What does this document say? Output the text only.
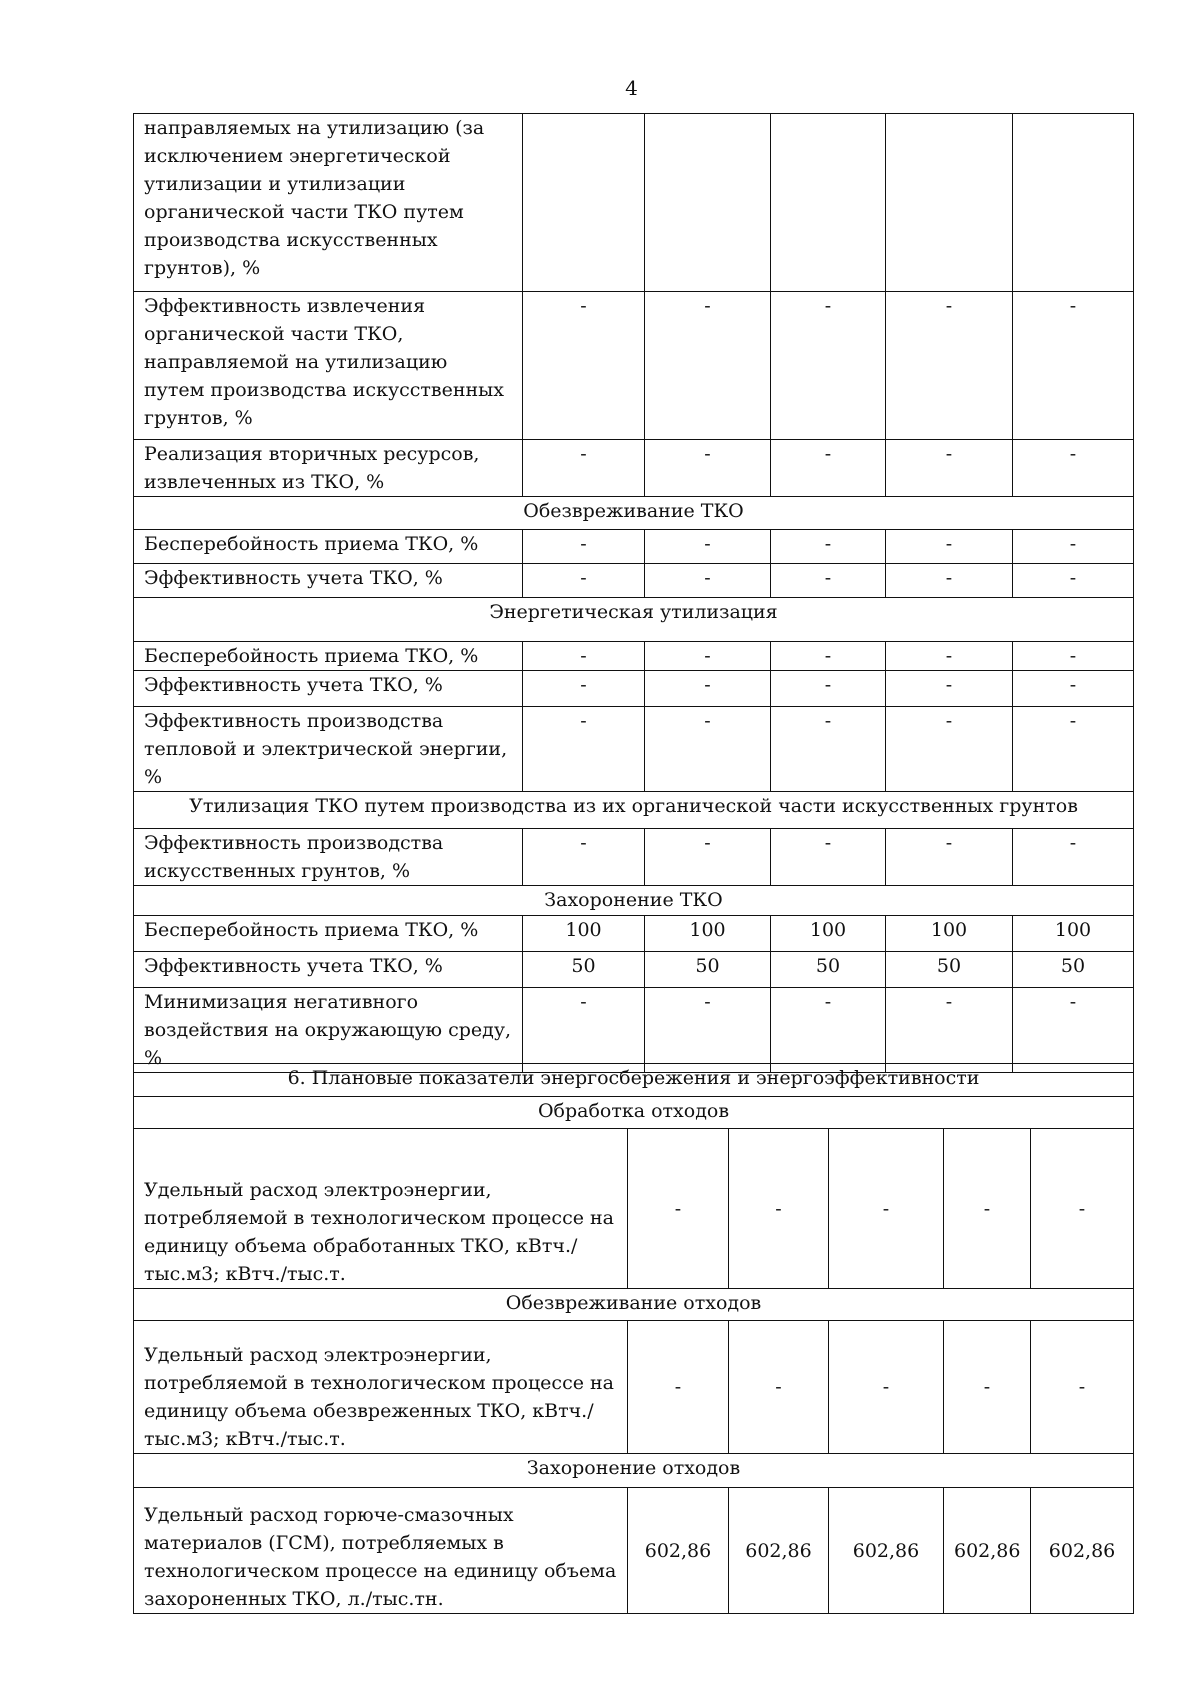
4
направляемых на утилизацию (за исключением энергетической утилизации и утилизации органической части ТКО путем производства искусственных грунтов), %					
Эффективность извлечения органической части ТКО, направляемой на утилизацию путем производства искусственных грунтов, %	-	-	-	-	-
Реализация вторичных ресурсов, извлеченных из ТКО, %	-	-	-	-	-
Обезвреживание ТКО					
Бесперебойность приема ТКО, %	-	-	-	-	-
Эффективность учета ТКО, %	-	-	-	-	-
Энергетическая утилизация					
Бесперебойность приема ТКО, %	-	-	-	-	-
Эффективность учета ТКО, %	-	-	-	-	-
Эффективность производства тепловой и электрической энергии, %	-	-	-	-	-
Утилизация ТКО путем производства из их органической части искусственных грунтов					
Эффективность производства искусственных грунтов, %	-	-	-	-	-
Захоронение ТКО					
Бесперебойность приема ТКО, %	100	100	100	100	100
Эффективность учета ТКО, %	50	50	50	50	50
Минимизация негативного воздействия на окружающую среду, %	-	-	-	-	-
6. Плановые показатели энергосбережения и энергоэффективности					
Обработка отходов					
Удельный расход электроэнергии, потребляемой в технологическом процессе на единицу объема обработанных ТКО, кВтч./тыс.м3; кВтч./тыс.т.	-	-	-	-	-
Обезвреживание отходов					
Удельный расход электроэнергии, потребляемой в технологическом процессе на единицу объема обезвреженных ТКО, кВтч./тыс.м3; кВтч./тыс.т.	-	-	-	-	-
Захоронение отходов					
Удельный расход горюче-смазочных материалов (ГСМ), потребляемых в технологическом процессе на единицу объема захороненных ТКО, л./тыс.тн.	602,86	602,86	602,86	602,86	602,86
